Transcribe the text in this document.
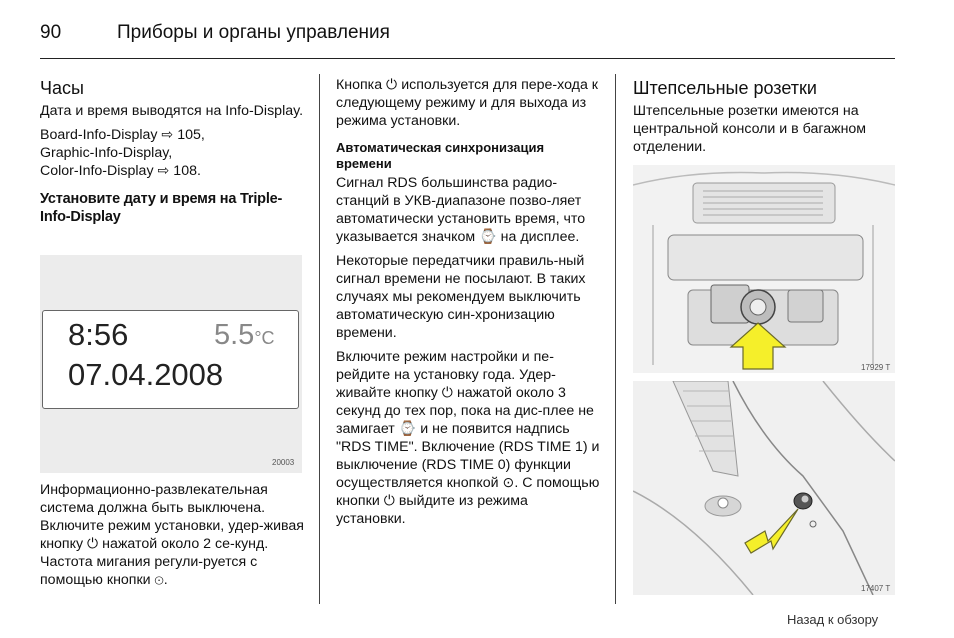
90	Приборы и органы управления
Часы

Дата и время выводятся на Info-Display.

Board-Info-Display ⇨ 105,
Graphic-Info-Display,
Color-Info-Display ⇨ 108.

Установите дату и время на Triple-Info-Display
8:56	5.5°C
07.04.2008
20003

Информационно-развлекательная система должна быть выключена. Включите режим установки, удер-живая кнопку ⏻ нажатой около 2 се-кунд. Частота мигания регули-руется с помощью кнопки ⊙.

Кнопка ⏻ используется для пере-хода к следующему режиму и для выхода из режима установки.

Автоматическая синхронизация времени

Сигнал RDS большинства радио-станций в УКВ-диапазоне позво-ляет автоматически установить время, что указывается значком ⌚ на дисплее.

Некоторые передатчики правиль-ный сигнал времени не посылают. В таких случаях мы рекомендуем выключить автоматическую син-хронизацию времени.

Включите режим настройки и пе-рейдите на установку года. Удер-живайте кнопку ⏻ нажатой около 3 секунд до тех пор, пока на дис-плее не замигает ⌚ и не появится надпись "RDS TIME". Включение (RDS TIME 1) и выключение (RDS TIME 0) функции осуществляется кнопкой ⊙. С помощью кнопки ⏻ выйдите из режима установки.

Штепсельные розетки

Штепсельные розетки имеются на центральной консоли и в багажном отделении.

17929 T
17407 T
Назад к обзору
